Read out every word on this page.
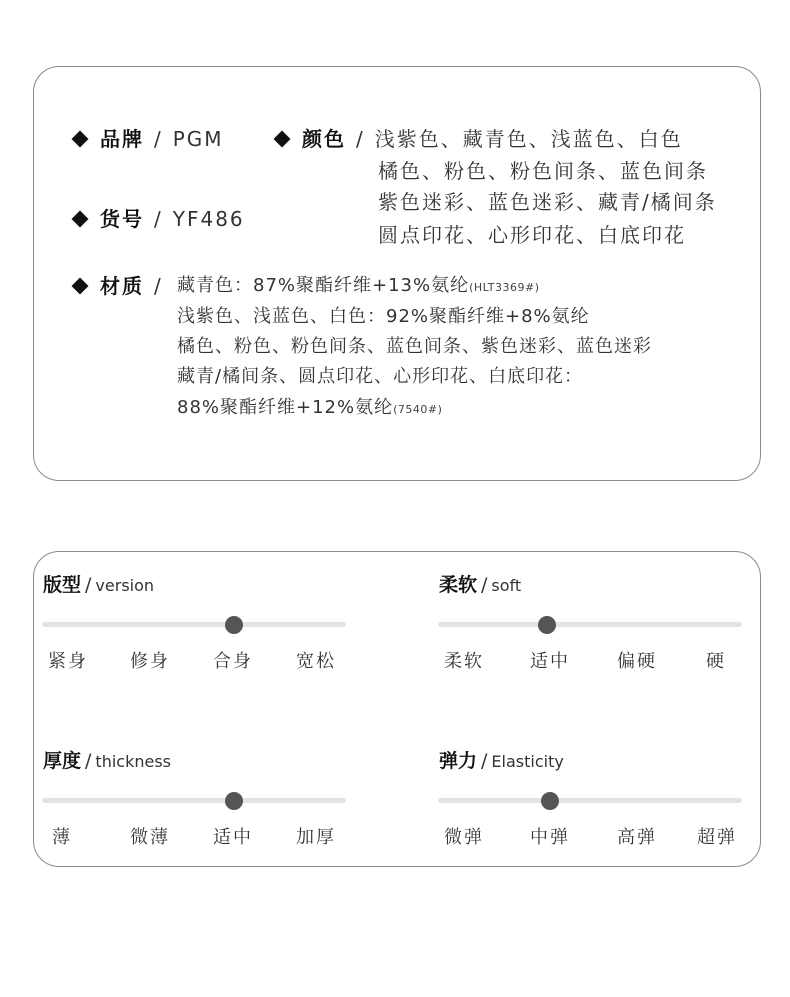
品牌 / PGM
货号 / YF486
颜色 / 浅紫色、藏青色、浅蓝色、白色
橘色、粉色、粉色间条、蓝色间条
紫色迷彩、蓝色迷彩、藏青/橘间条
圆点印花、心形印花、白底印花
材质 / 藏青色：87%聚酯纤维+13%氨纶(HLT3369#)
浅紫色、浅蓝色、白色：92%聚酯纤维+8%氨纶
橘色、粉色、粉色间条、蓝色间条、紫色迷彩、蓝色迷彩
藏青/橘间条、圆点印花、心形印花、白底印花：
88%聚酯纤维+12%氨纶(7540#)
版型 / version
紧身 修身 合身 宽松
柔软 / soft
柔软	适中	偏硬	硬
厚度 / thickness
薄	微薄 适中 加厚
弹力 / Elasticity
微弹	中弹	高弹 超弹
